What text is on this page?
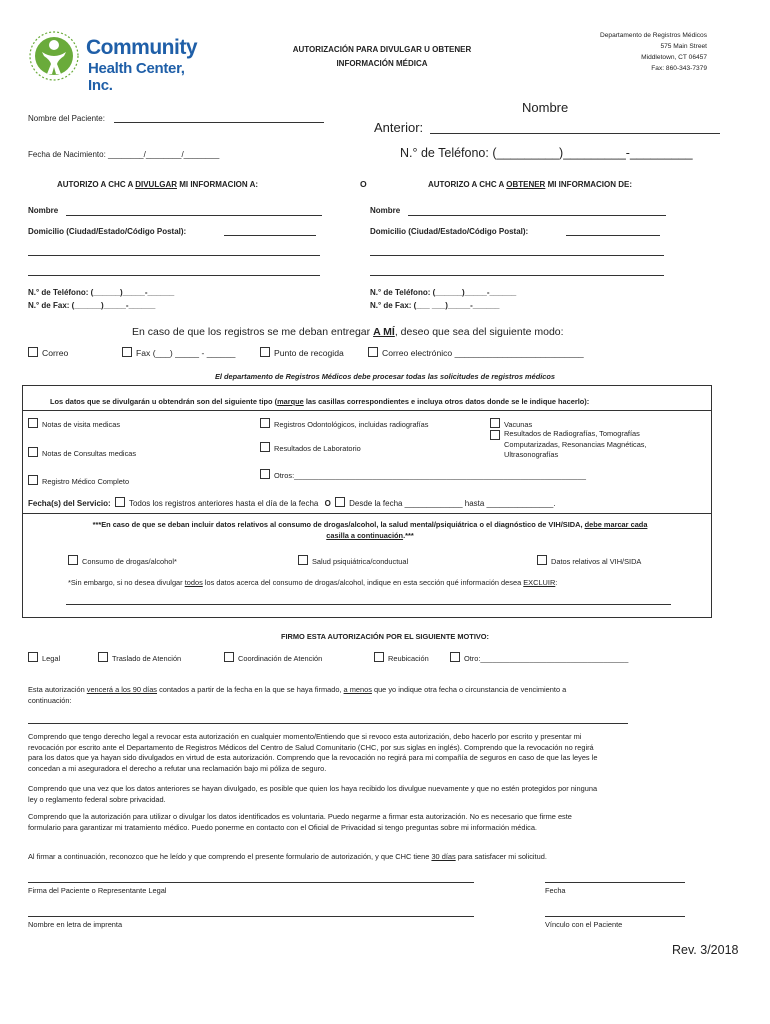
Community
Health Center, Inc.
AUTORIZACIÓN PARA DIVULGAR U OBTENER
INFORMACIÓN MÉDICA
Departamento de Registros Médicos
575 Main Street
Middletown, CT 06457
Fax: 860-343-7379
Nombre del Paciente:
Fecha de Nacimiento: ________/________/________
Nombre
Anterior:
N.° de Teléfono: (_________)_________-_________
AUTORIZO A CHC A DIVULGAR MI INFORMACION A:	O	AUTORIZO A CHC A OBTENER MI INFORMACION DE:
Nombre
Domicilio (Ciudad/Estado/Código Postal):
N.° de Teléfono: (______)_____-______
N.° de Fax: (______)_____-______
Nombre
Domicilio (Ciudad/Estado/Código Postal):
N.° de Teléfono: (______)_____-______
N.° de Fax: (___ ___)_____-______
En caso de que los registros se me deban entregar A MÍ, deseo que sea del siguiente modo:
Correo	Fax (___) _____ - ______	Punto de recogida	Correo electrónico ___________________________
El departamento de Registros Médicos debe procesar todas las solicitudes de registros médicos
Los datos que se divulgarán u obtendrán son del siguiente tipo (marque las casillas correspondientes e incluya otros datos donde se le indique hacerlo):
Notas de visita medicas
Notas de Consultas medicas
Registro Médico Completo
Registros Odontológicos, incluidas radiografías
Resultados de Laboratorio
Otros:_______________________________________________________________________
Vacunas
Resultados de Radiografías, Tomografías
Computarizadas, Resonancias Magnéticas,
Ultrasonografías
Fecha(s) del Servicio: Todos los registros anteriores hasta el día de la fecha O Desde la fecha _____________ hasta _______________.
***En caso de que se deban incluir datos relativos al consumo de drogas/alcohol, la salud mental/psiquiátrica o el diagnóstico de VIH/SIDA, debe marcar cada
casilla a continuación.***
Consumo de drogas/alcohol*	Salud psiquiátrica/conductual	Datos relativos al VIH/SIDA
*Sin embargo, si no desea divulgar todos los datos acerca del consumo de drogas/alcohol, indique en esta sección qué información desea EXCLUIR:
FIRMO ESTA AUTORIZACIÓN POR EL SIGUIENTE MOTIVO:
Legal	Traslado de Atención	Coordinación de Atención	Reubicación	Otro:____________________________________
Esta autorización vencerá a los 90 días contados a partir de la fecha en la que se haya firmado, a menos que yo indique otra fecha o circunstancia de vencimiento a
continuación:
Comprendo que tengo derecho legal a revocar esta autorización en cualquier momento/Entiendo que si revoco esta autorización, debo hacerlo por escrito y presentar mi
revocación por escrito ante el Departamento de Registros Médicos del Centro de Salud Comunitario (CHC, por sus siglas en inglés). Comprendo que la revocación no regirá
para los datos que ya hayan sido divulgados en virtud de esta autorización. Comprendo que la revocación no regirá para mi compañía de seguros en caso de que las leyes le
concedan a mi aseguradora el derecho a refutar una reclamación bajo mi póliza de seguro.
Comprendo que una vez que los datos anteriores se hayan divulgado, es posible que quien los haya recibido los divulgue nuevamente y que no estén protegidos por ninguna
ley o reglamento federal sobre privacidad.
Comprendo que la autorización para utilizar o divulgar los datos identificados es voluntaria. Puedo negarme a firmar esta autorización. No es necesario que firme este
formulario para garantizar mi tratamiento médico. Puedo ponerme en contacto con el Oficial de Privacidad si tengo preguntas sobre mi información médica.
Al firmar a continuación, reconozco que he leído y que comprendo el presente formulario de autorización, y que CHC tiene 30 días para satisfacer mi solicitud.
Firma del Paciente o Representante Legal	Fecha
Nombre en letra de imprenta	Vínculo con el Paciente
Rev. 3/2018
